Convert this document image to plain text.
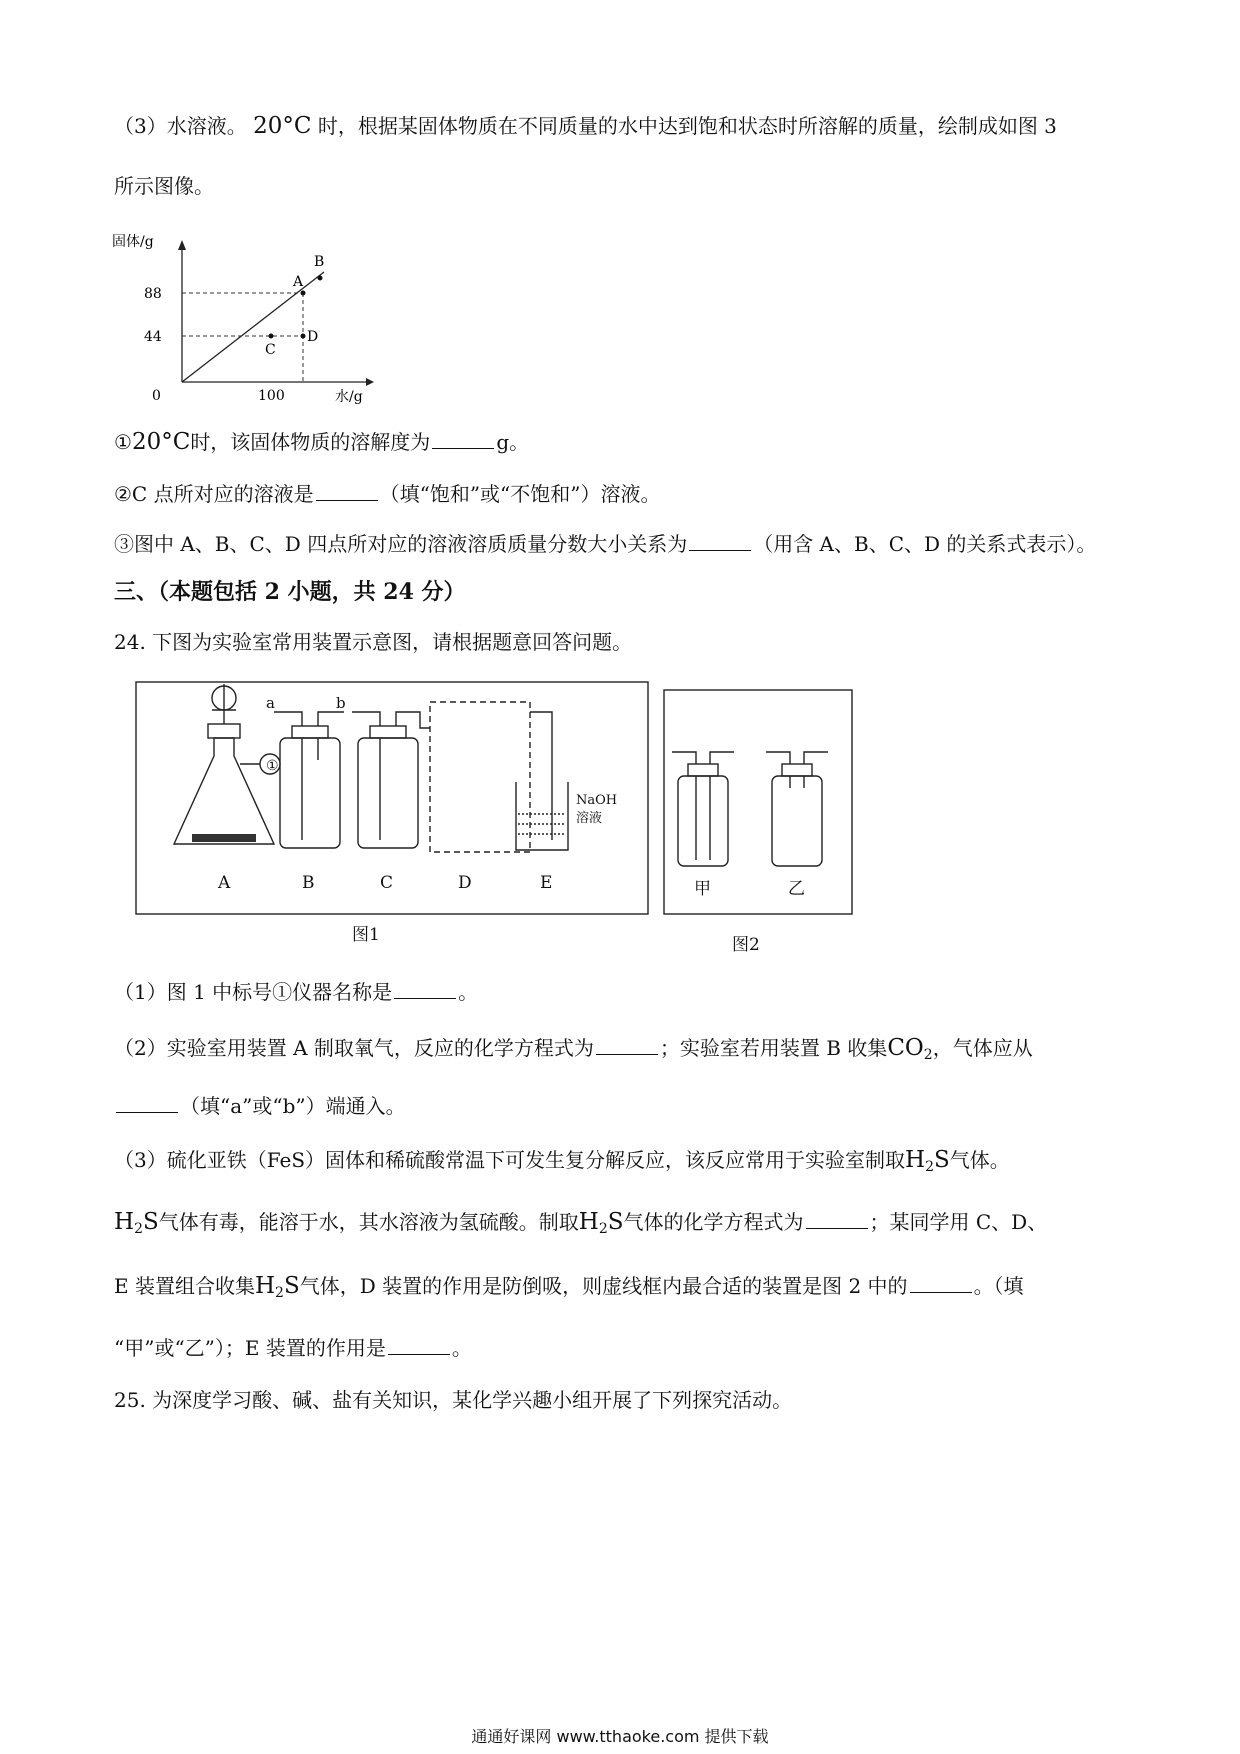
（3）水溶液。 20°C 时，根据某固体物质在不同质量的水中达到饱和状态时所溶解的质量，绘制成如图 3
所示图像。
固体/g
水/g
0
88
44
100
A
B
C
D
①20°C时，该固体物质的溶解度为	g。
②C 点所对应的溶液是	（填“饱和”或“不饱和”）溶液。
③图中 A、B、C、D 四点所对应的溶液溶质质量分数大小关系为	（用含 A、B、C、D 的关系式表示）。
三、（本题包括 2 小题，共 24 分）
24. 下图为实验室常用装置示意图，请根据题意回答问题。
①
a	b
NaOH
溶液
A	B	C	D	E	甲	乙
图1	图2
（1）图 1 中标号①仪器名称是	。
（2）实验室用装置 A 制取氧气，反应的化学方程式为	；实验室若用装置 B 收集$CO_2$，气体应从
（填“a”或“b”）端通入。
（3）硫化亚铁（FeS）固体和稀硫酸常温下可发生复分解反应，该反应常用于实验室制取$H_2S$气体。
$H_2S$气体有毒，能溶于水，其水溶液为氢硫酸。制取$H_2S$气体的化学方程式为	；某同学用 C、D、
E 装置组合收集$H_2S$气体，D 装置的作用是防倒吸，则虚线框内最合适的装置是图 2 中的	。（填
“甲”或“乙”）；E 装置的作用是	。
25. 为深度学习酸、碱、盐有关知识，某化学兴趣小组开展了下列探究活动。
通通好课网 www.tthaoke.com 提供下载
